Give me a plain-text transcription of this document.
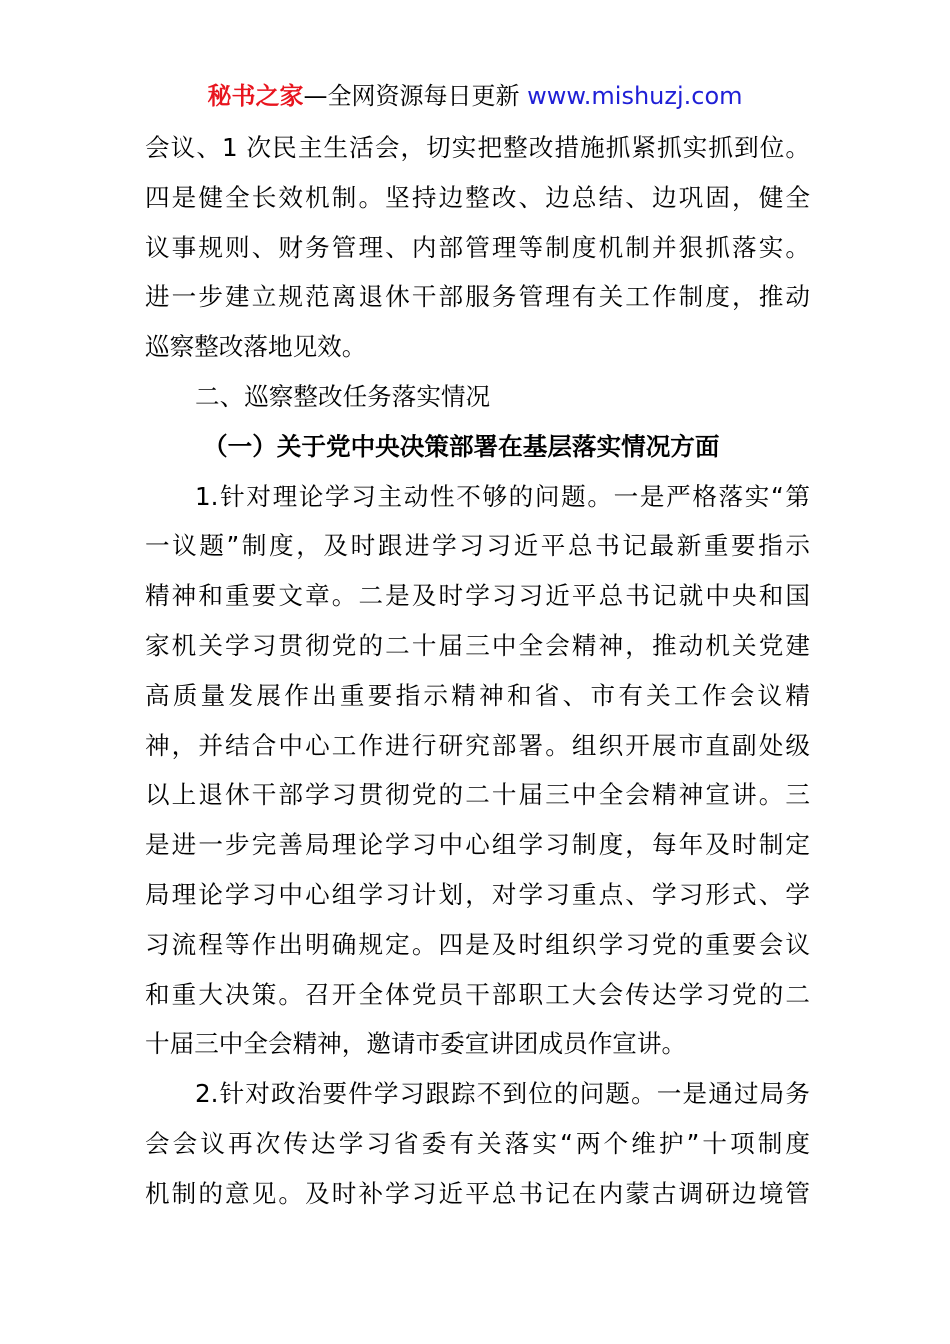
秘书之家—全网资源每日更新 www.mishuzj.com
会议、1 次民主生活会，切实把整改措施抓紧抓实抓到位。
四是健全长效机制。坚持边整改、边总结、边巩固，健全
议事规则、财务管理、内部管理等制度机制并狠抓落实。
进一步建立规范离退休干部服务管理有关工作制度，推动
巡察整改落地见效。
二、巡察整改任务落实情况
（一）关于党中央决策部署在基层落实情况方面
1.针对理论学习主动性不够的问题。一是严格落实“第
一议题”制度，及时跟进学习习近平总书记最新重要指示
精神和重要文章。二是及时学习习近平总书记就中央和国
家机关学习贯彻党的二十届三中全会精神，推动机关党建
高质量发展作出重要指示精神和省、市有关工作会议精
神，并结合中心工作进行研究部署。组织开展市直副处级
以上退休干部学习贯彻党的二十届三中全会精神宣讲。三
是进一步完善局理论学习中心组学习制度，每年及时制定
局理论学习中心组学习计划，对学习重点、学习形式、学
习流程等作出明确规定。四是及时组织学习党的重要会议
和重大决策。召开全体党员干部职工大会传达学习党的二
十届三中全会精神，邀请市委宣讲团成员作宣讲。
2.针对政治要件学习跟踪不到位的问题。一是通过局务
会会议再次传达学习省委有关落实“两个维护”十项制度
机制的意见。及时补学习近平总书记在内蒙古调研边境管
